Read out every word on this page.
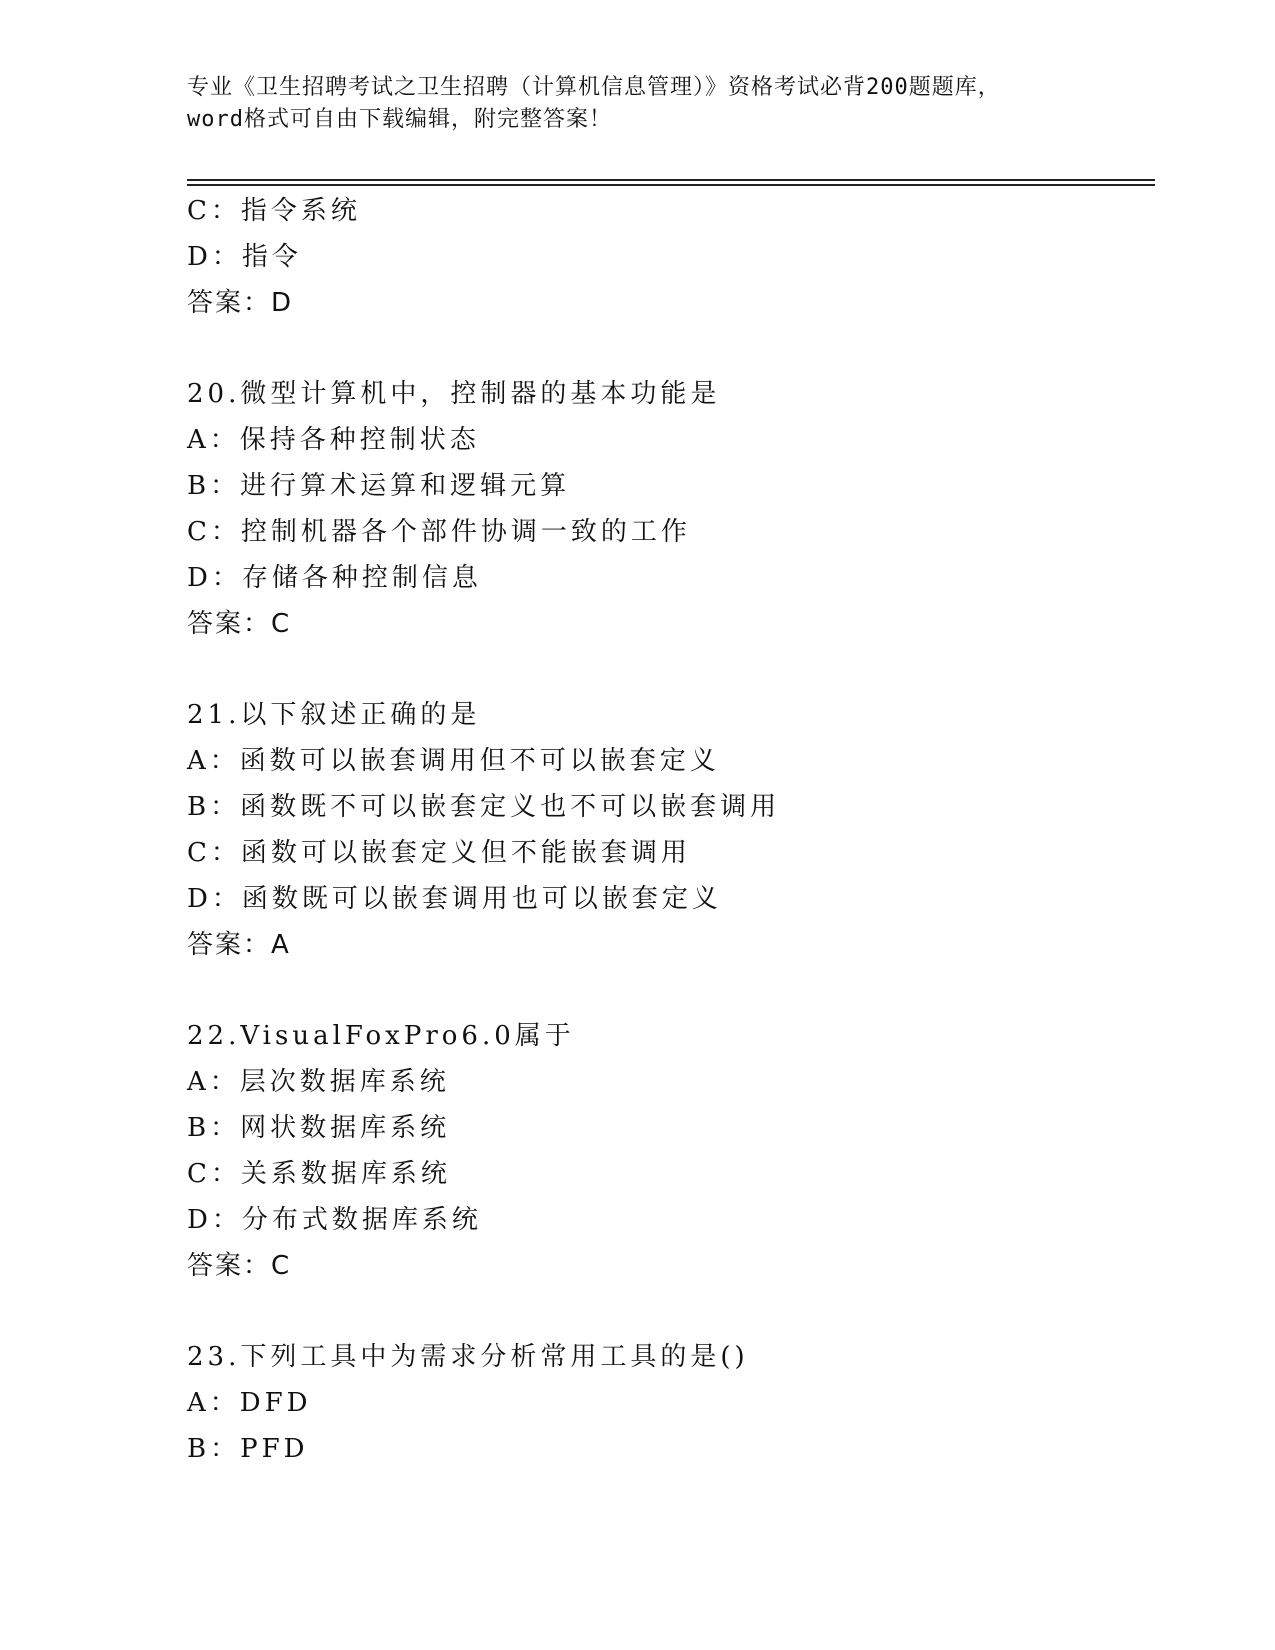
专业《卫生招聘考试之卫生招聘（计算机信息管理）》资格考试必背200题题库，
word格式可自由下载编辑，附完整答案！
C：指令系统
D：指令
答案：D
20.微型计算机中，控制器的基本功能是
A：保持各种控制状态
B：进行算术运算和逻辑元算
C：控制机器各个部件协调一致的工作
D：存储各种控制信息
答案：C
21.以下叙述正确的是
A：函数可以嵌套调用但不可以嵌套定义
B：函数既不可以嵌套定义也不可以嵌套调用
C：函数可以嵌套定义但不能嵌套调用
D：函数既可以嵌套调用也可以嵌套定义
答案：A
22.VisualFoxPro6.0属于
A：层次数据库系统
B：网状数据库系统
C：关系数据库系统
D：分布式数据库系统
答案：C
23.下列工具中为需求分析常用工具的是()
A：DFD
B：PFD
